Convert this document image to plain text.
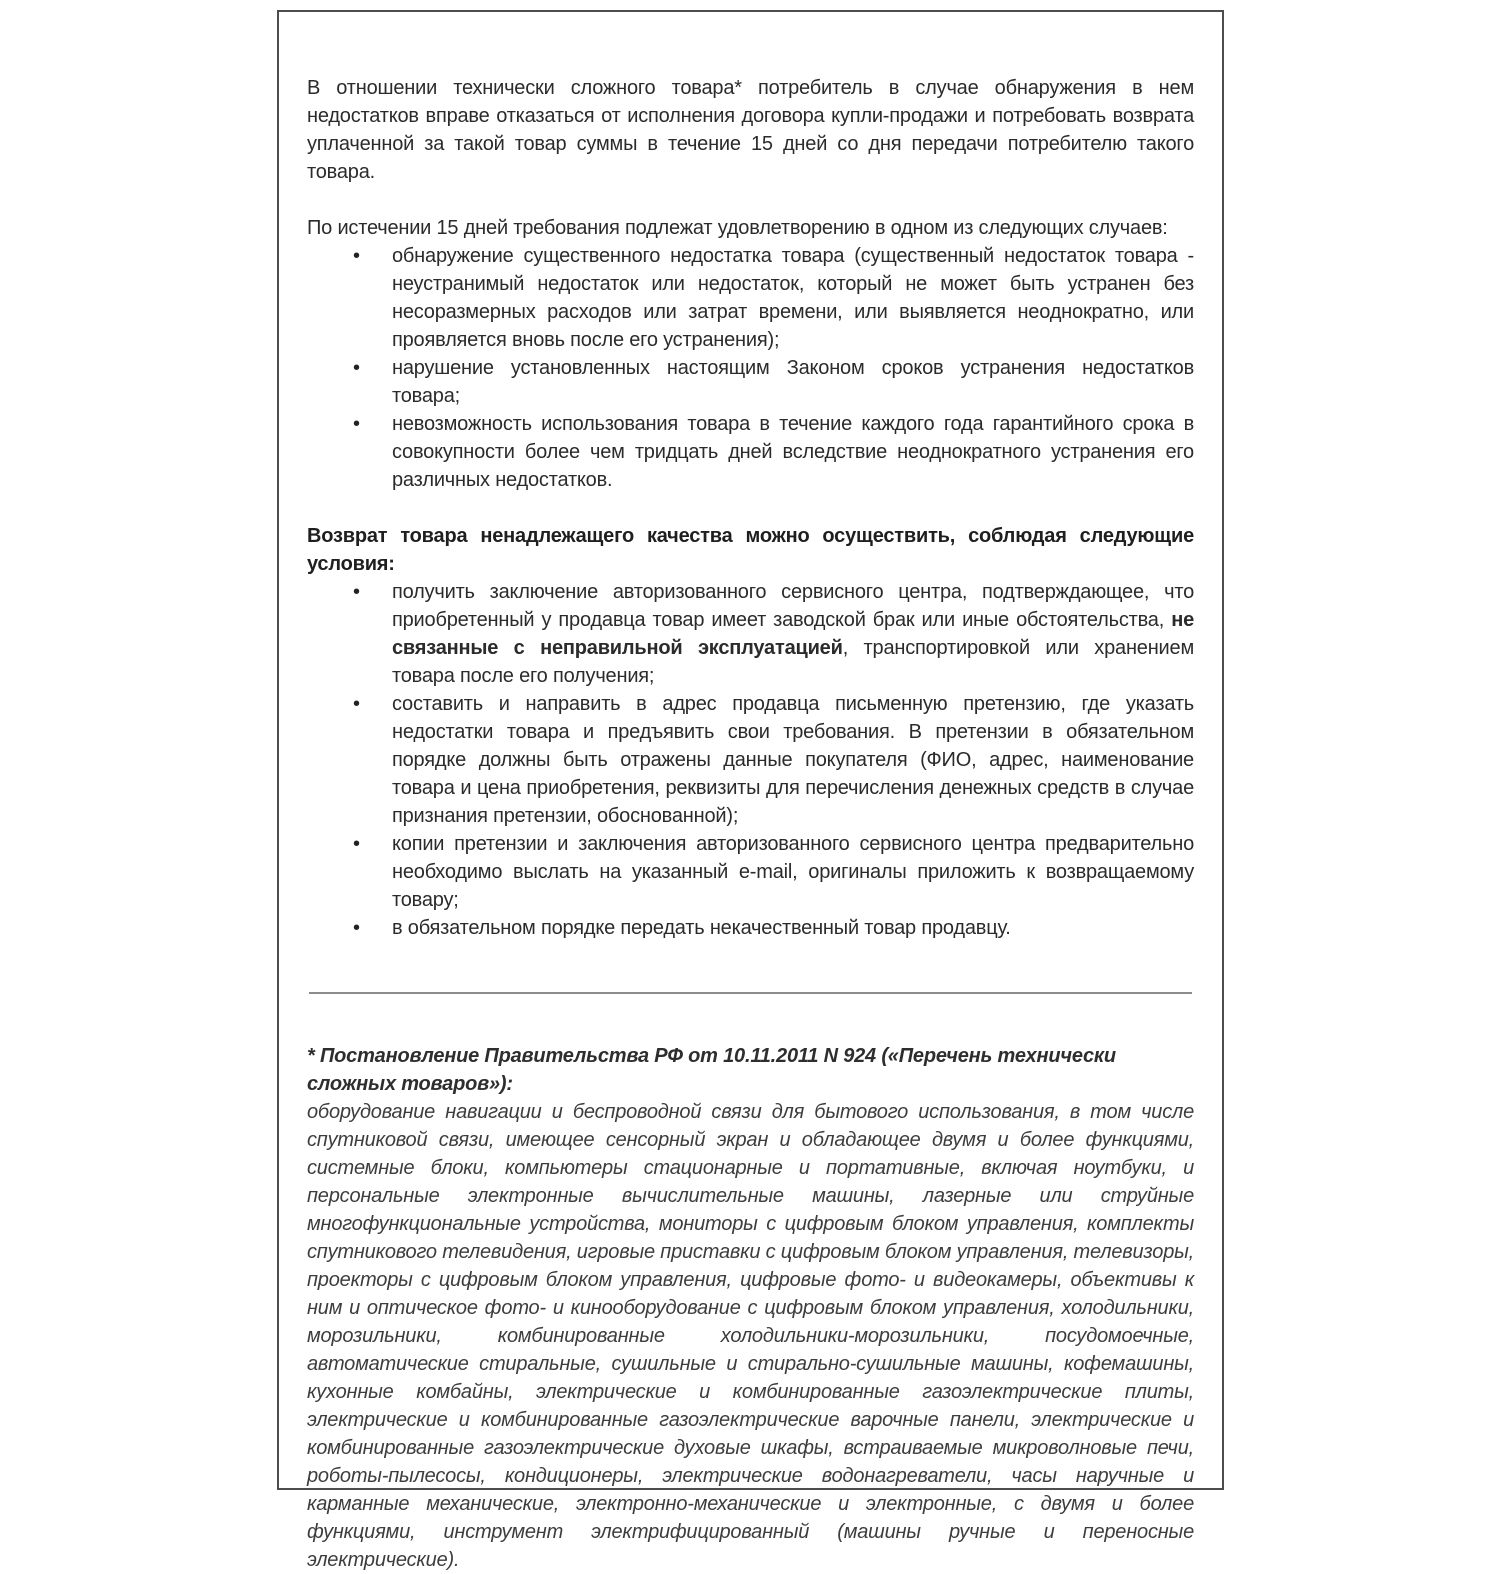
В отношении технически сложного товара* потребитель в случае обнаружения в нем недостатков вправе отказаться от исполнения договора купли-продажи и потребовать возврата уплаченной за такой товар суммы в течение 15 дней со дня передачи потребителю такого товара.

По истечении 15 дней требования подлежат удовлетворению в одном из следующих случаев:

• обнаружение существенного недостатка товара (существенный недостаток товара - неустранимый недостаток или недостаток, который не может быть устранен без несоразмерных расходов или затрат времени, или выявляется неоднократно, или проявляется вновь после его устранения);
• нарушение установленных настоящим Законом сроков устранения недостатков товара;
• невозможность использования товара в течение каждого года гарантийного срока в совокупности более чем тридцать дней вследствие неоднократного устранения его различных недостатков.

Возврат товара ненадлежащего качества можно осуществить, соблюдая следующие условия:

• получить заключение авторизованного сервисного центра, подтверждающее, что приобретенный у продавца товар имеет заводской брак или иные обстоятельства, не связанные с неправильной эксплуатацией, транспортировкой или хранением товара после его получения;
• составить и направить в адрес продавца письменную претензию, где указать недостатки товара и предъявить свои требования. В претензии в обязательном порядке должны быть отражены данные покупателя (ФИО, адрес, наименование товара и цена приобретения, реквизиты для перечисления денежных средств в случае признания претензии, обоснованной);
• копии претензии и заключения авторизованного сервисного центра предварительно необходимо выслать на указанный e-mail, оригиналы приложить к возвращаемому товару;
• в обязательном порядке передать некачественный товар продавцу.

* Постановление Правительства РФ от 10.11.2011 N 924 («Перечень технически сложных товаров»):

оборудование навигации и беспроводной связи для бытового использования, в том числе спутниковой связи, имеющее сенсорный экран и обладающее двумя и более функциями, системные блоки, компьютеры стационарные и портативные, включая ноутбуки, и персональные электронные вычислительные машины, лазерные или струйные многофункциональные устройства, мониторы с цифровым блоком управления, комплекты спутникового телевидения, игровые приставки с цифровым блоком управления, телевизоры, проекторы с цифровым блоком управления, цифровые фото- и видеокамеры, объективы к ним и оптическое фото- и кинооборудование с цифровым блоком управления, холодильники, морозильники, комбинированные холодильники-морозильники, посудомоечные, автоматические стиральные, сушильные и стирально-сушильные машины, кофемашины, кухонные комбайны, электрические и комбинированные газоэлектрические плиты, электрические и комбинированные газоэлектрические варочные панели, электрические и комбинированные газоэлектрические духовые шкафы, встраиваемые микроволновые печи, роботы-пылесосы, кондиционеры, электрические водонагреватели, часы наручные и карманные механические, электронно-механические и электронные, с двумя и более функциями, инструмент электрифицированный (машины ручные и переносные электрические).
